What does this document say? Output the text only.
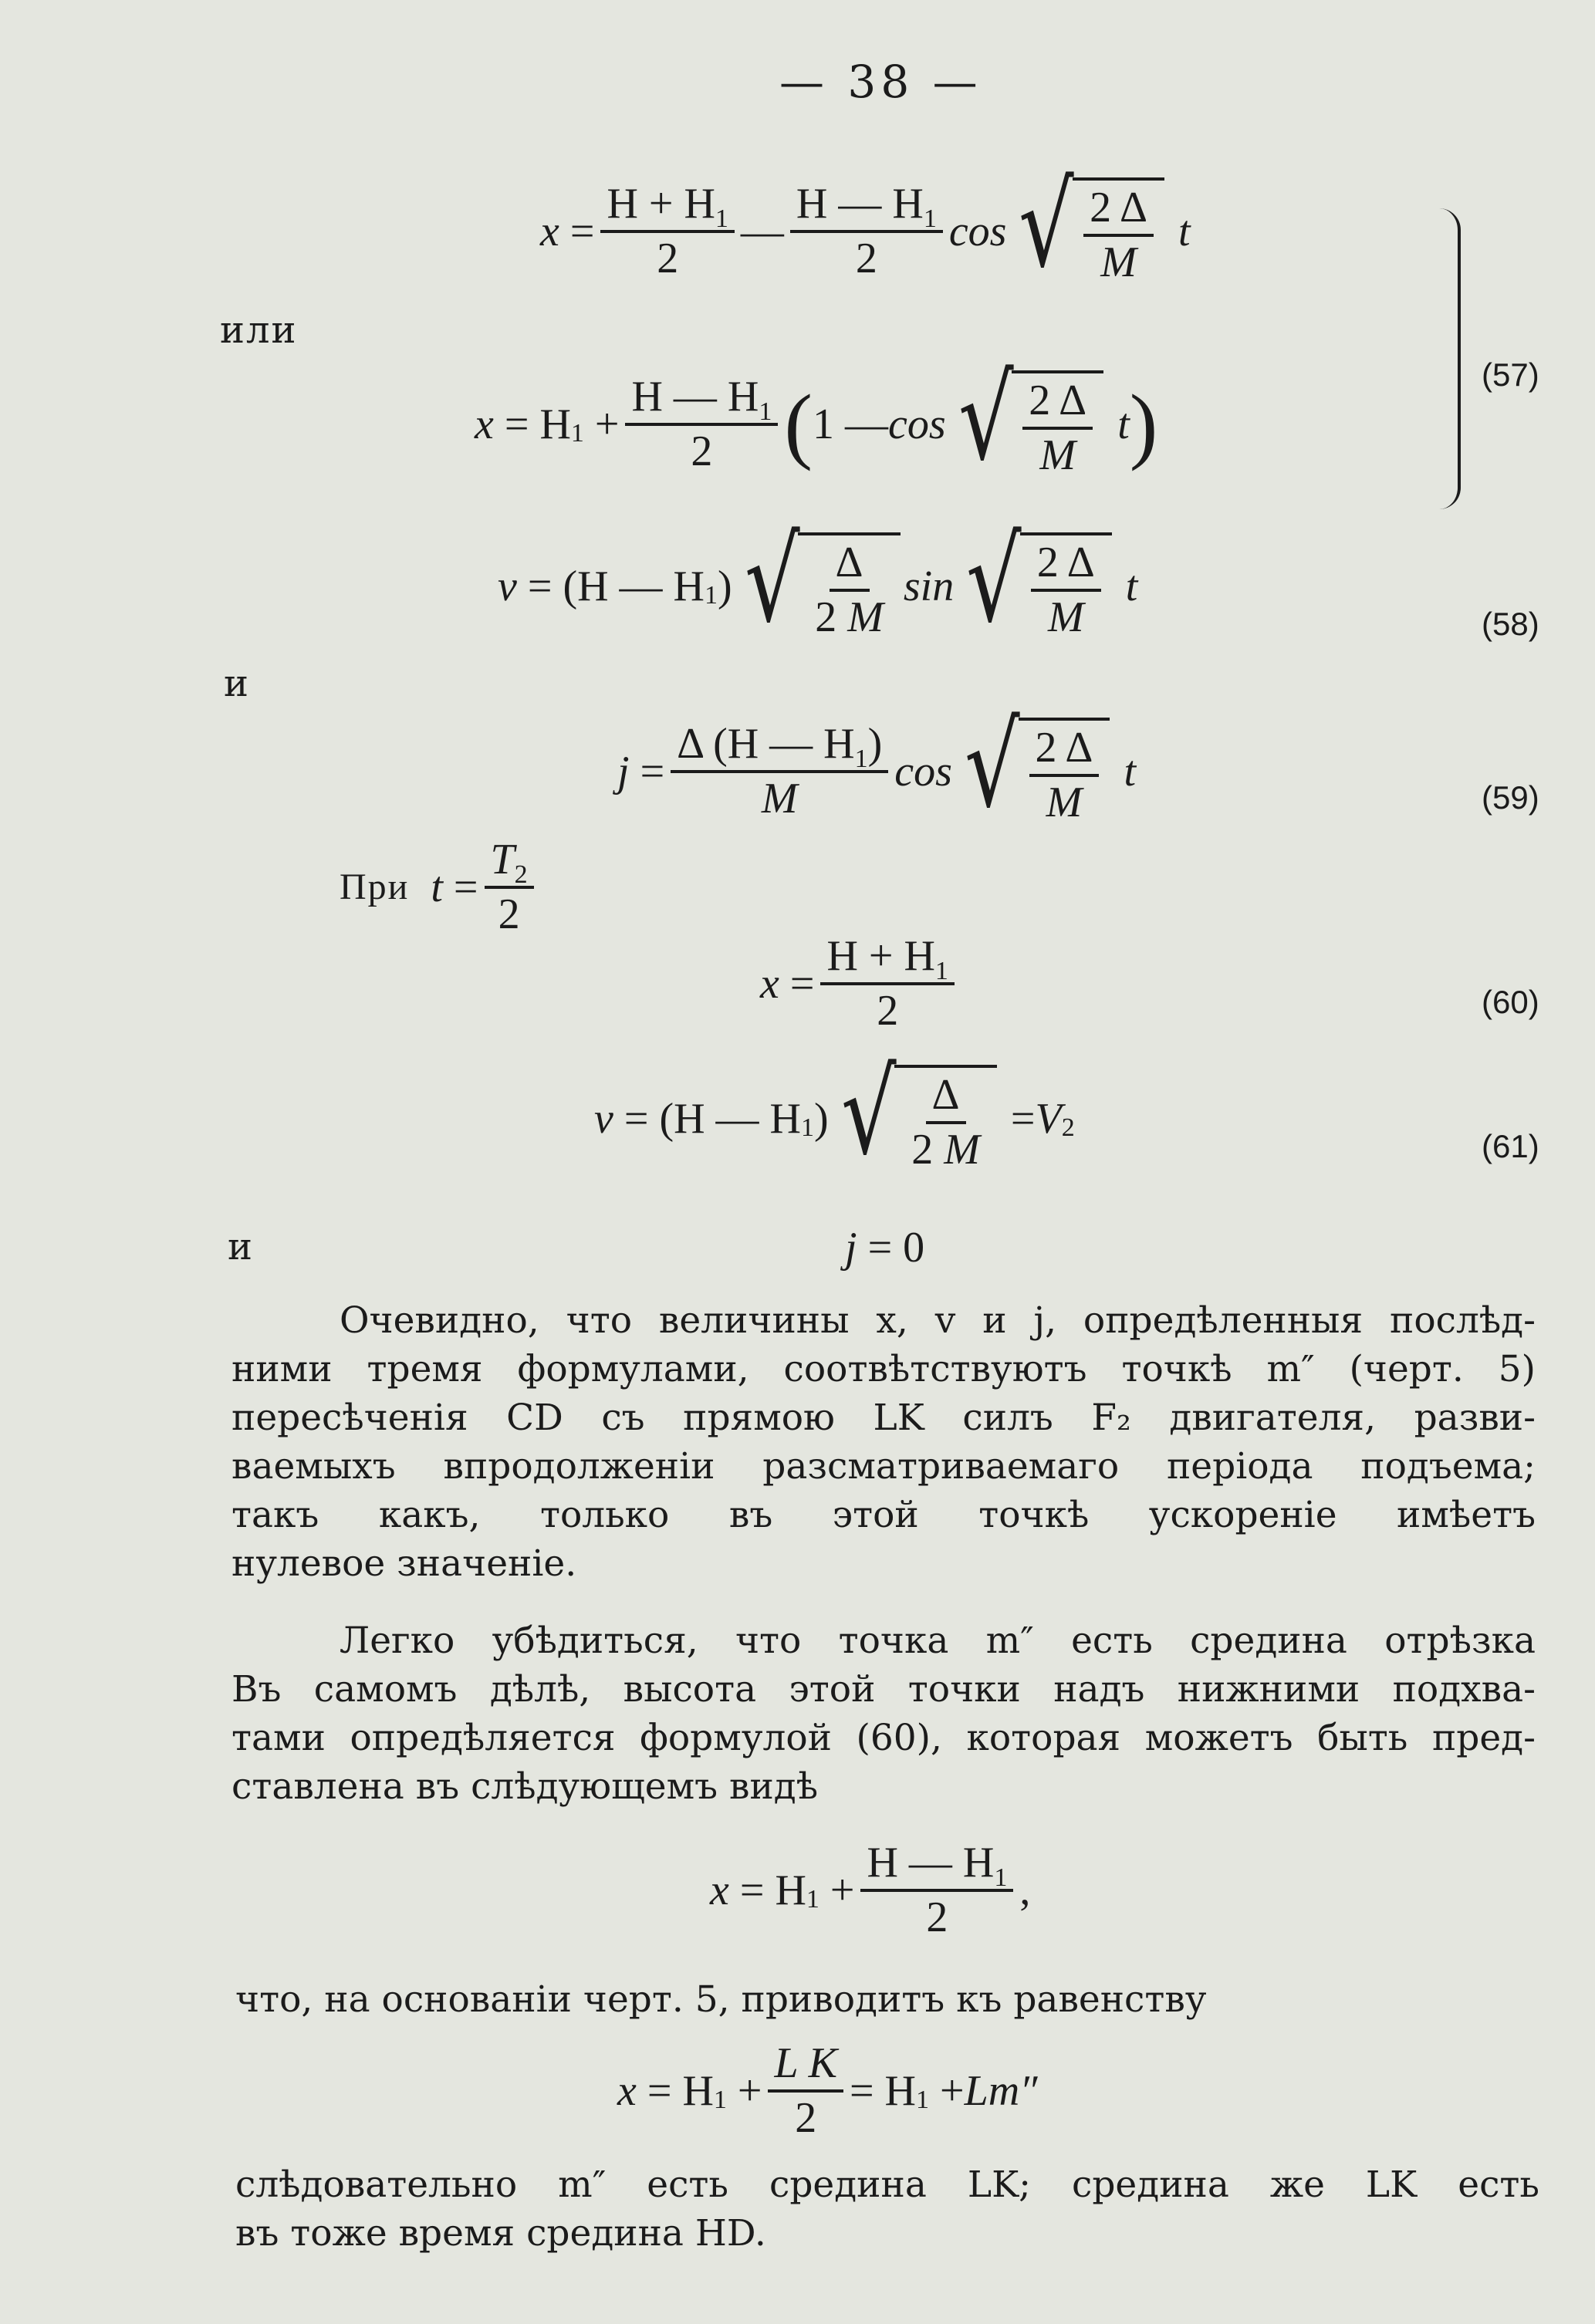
— 38 —
$x = \frac{H + H_1}{2}$ — $\frac{H — H_1}{2}$ cos √ $\frac{2 \Delta}{M}$
t
или
x = H $1 + \frac{H — H_1}{2}$ ( 1 — cos √ $\frac{2 \Delta}{M}$
t )
(57)
v = (H — H 1 ) √ $\frac{\Delta}{2 M}$ sin √ $\frac{2 \Delta}{M}$
t
(58)
и
$j = \frac{\Delta (H — H_1)}{M}$ cos √ $\frac{2 \Delta}{M}$
t
(59)
При
$t = \frac{T_2}{2}$
$x = \frac{H + H_1}{2}$	(60)
v = (H — H 1 ) √ $\frac{\Delta}{2 M} = V$ 2
(61)
и	j = 0
Очевидно, что величины x, v и j, опредѣленныя послѣд-
ними тремя формулами, соотвѣтствуютъ точкѣ m″ (черт. 5)
пересѣченія CD съ прямою LK силъ F₂ двигателя, разви-
ваемыхъ впродолженіи разсматриваемаго періода подъема;
такъ какъ, только въ этой точкѣ ускореніе имѣетъ
нулевое значеніе.
Легко убѣдиться, что точка m″ есть средина отрѣзка
Въ самомъ дѣлѣ, высота этой точки надъ нижними подхва-
тами опредѣляется формулой (60), которая можетъ быть пред-
ставлена въ слѣдующемъ видѣ
x = H $1 + \frac{H — H_1}{2}$ ,
что, на основаніи черт. 5, приводитъ къ равенству
x = H $1 + \frac{\text{L K}}{2} = H$ 1 + Lm″
слѣдовательно m″ есть средина LK; средина же LK есть
въ тоже время средина HD.
